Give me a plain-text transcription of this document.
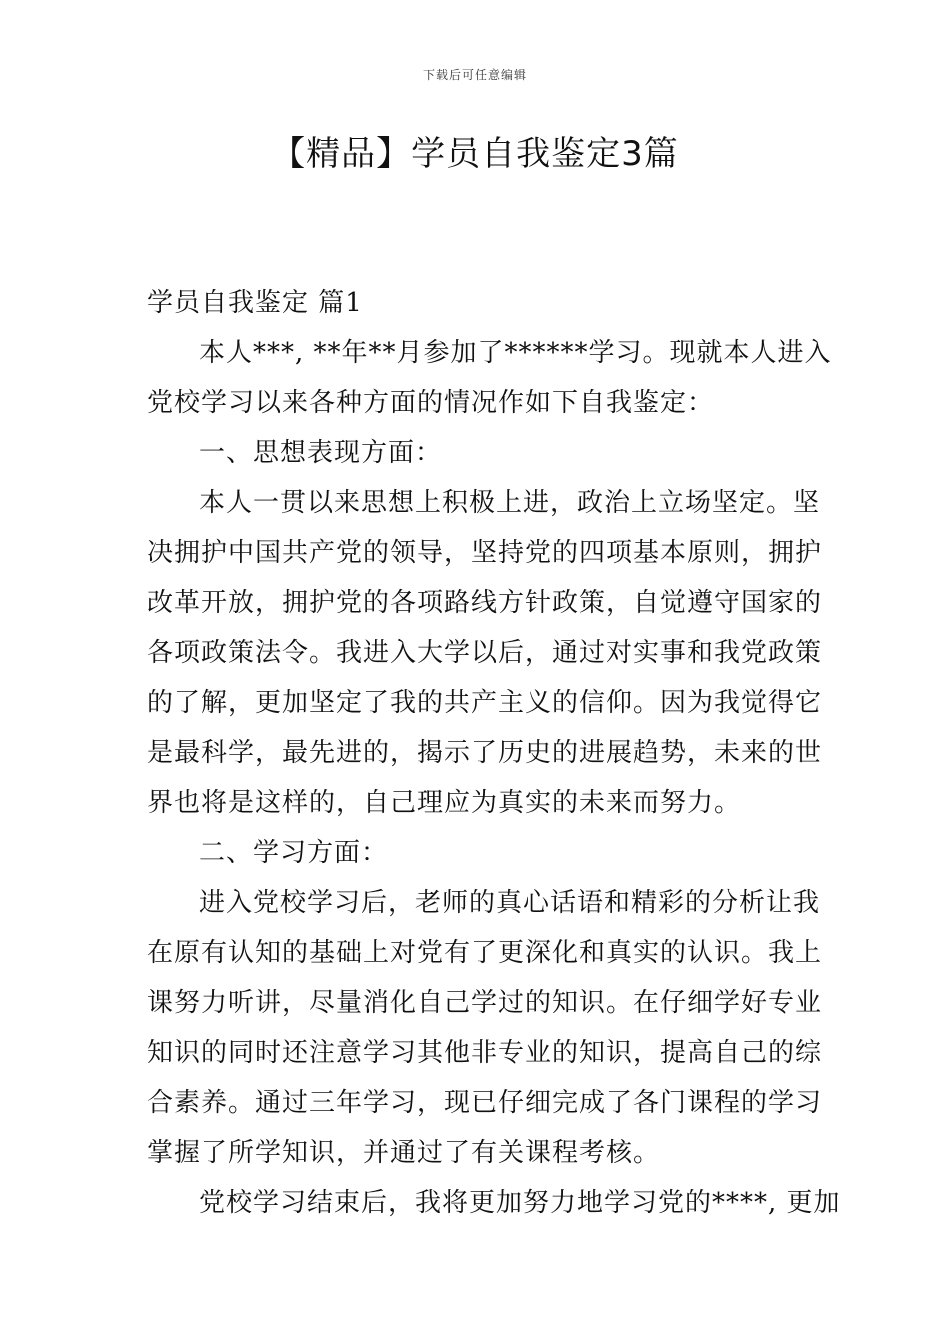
下载后可任意编辑
【精品】学员自我鉴定3篇
学员自我鉴定 篇1
本人***, **年**月参加了******学习。现就本人进入
党校学习以来各种方面的情况作如下自我鉴定：
一、思想表现方面：
本人一贯以来思想上积极上进，政治上立场坚定。坚
决拥护中国共产党的领导，坚持党的四项基本原则，拥护
改革开放，拥护党的各项路线方针政策，自觉遵守国家的
各项政策法令。我进入大学以后，通过对实事和我党政策
的了解，更加坚定了我的共产主义的信仰。因为我觉得它
是最科学，最先进的，揭示了历史的进展趋势，未来的世
界也将是这样的，自己理应为真实的未来而努力。
二、学习方面：
进入党校学习后，老师的真心话语和精彩的分析让我
在原有认知的基础上对党有了更深化和真实的认识。我上
课努力听讲，尽量消化自己学过的知识。在仔细学好专业
知识的同时还注意学习其他非专业的知识，提高自己的综
合素养。通过三年学习，现已仔细完成了各门课程的学习
掌握了所学知识，并通过了有关课程考核。
党校学习结束后，我将更加努力地学习党的****, 更加
